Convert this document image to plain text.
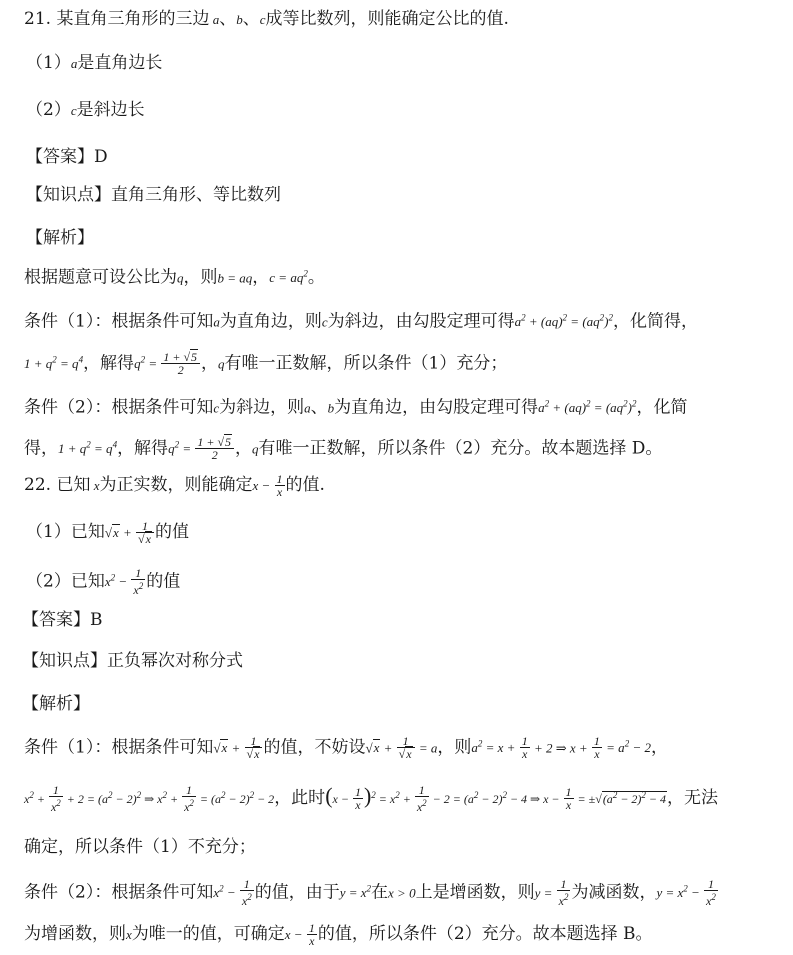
21. 某直角三角形的三边 a、b、c成等比数列，则能确定公比的值.
（1）a是直角边长
（2）c是斜边长
【答案】D
【知识点】直角三角形、等比数列
【解析】
根据题意可设公比为q，则b = aq，$c = aq^2$。
条件（1）：根据条件可知a为直角边，则c为斜边，由勾股定理可得$a^2 + (aq)^2 = (aq^2)^2$，化简得，
$1 + q^2 = q^4$，解得$q^2 = \frac{1 + √5}{2}$ ，q有唯一正数解，所以条件（1）充分；
条件（2）：根据条件可知c为斜边，则a、b为直角边，由勾股定理可得$a^2 + (aq)^2 = (aq^2)^2$，化简
得，$1 + q^2 = q^4$，解得$q^2 = \frac{1 + √5}{2}$ ，q有唯一正数解，所以条件（2）充分。故本题选择 D。
22. 已知 x为正实数，则能确定$x - \frac{1}{x}$ 的值.
（1）已知$√x + \frac{1}{√x}$ 的值
（2）已知$x^2 - \frac{1}{x^2}$ 的值
【答案】B
【知识点】正负幂次对称分式
【解析】
条件（1）：根据条件可知$√x + \frac{1}{√x}$ 的值，不妨设$√x + \frac{1}{√x} = a$，则$a^2 = x + \frac{1}{x} + 2$ ⇒ $x + \frac{1}{x} = a^2 - 2$，
$x^2 + \frac{1}{x^2} + 2 = (a^2 - 2)^2$ ⇒ $x^2 + \frac{1}{x^2} = (a^2 - 2)^2 - 2$，此时$(x - \frac{1}{x} )^2 = x^2 + \frac{1}{x^2} - 2 = (a^2 - 2)^2 - 4$ ⇒ $x - \frac{1}{x} = \pm√(a^2 - 2)^2 - 4$，无法
确定，所以条件（1）不充分；
条件（2）：根据条件可知$x^2 - \frac{1}{x^2}$ 的值，由于$y = x^2$在x > 0上是增函数，则$y = \frac{1}{x^2}$ 为减函数，$y = x^2 - \frac{1}{x^2}$
为增函数，则x为唯一的值，可确定$x - \frac{1}{x}$ 的值，所以条件（2）充分。故本题选择 B。
